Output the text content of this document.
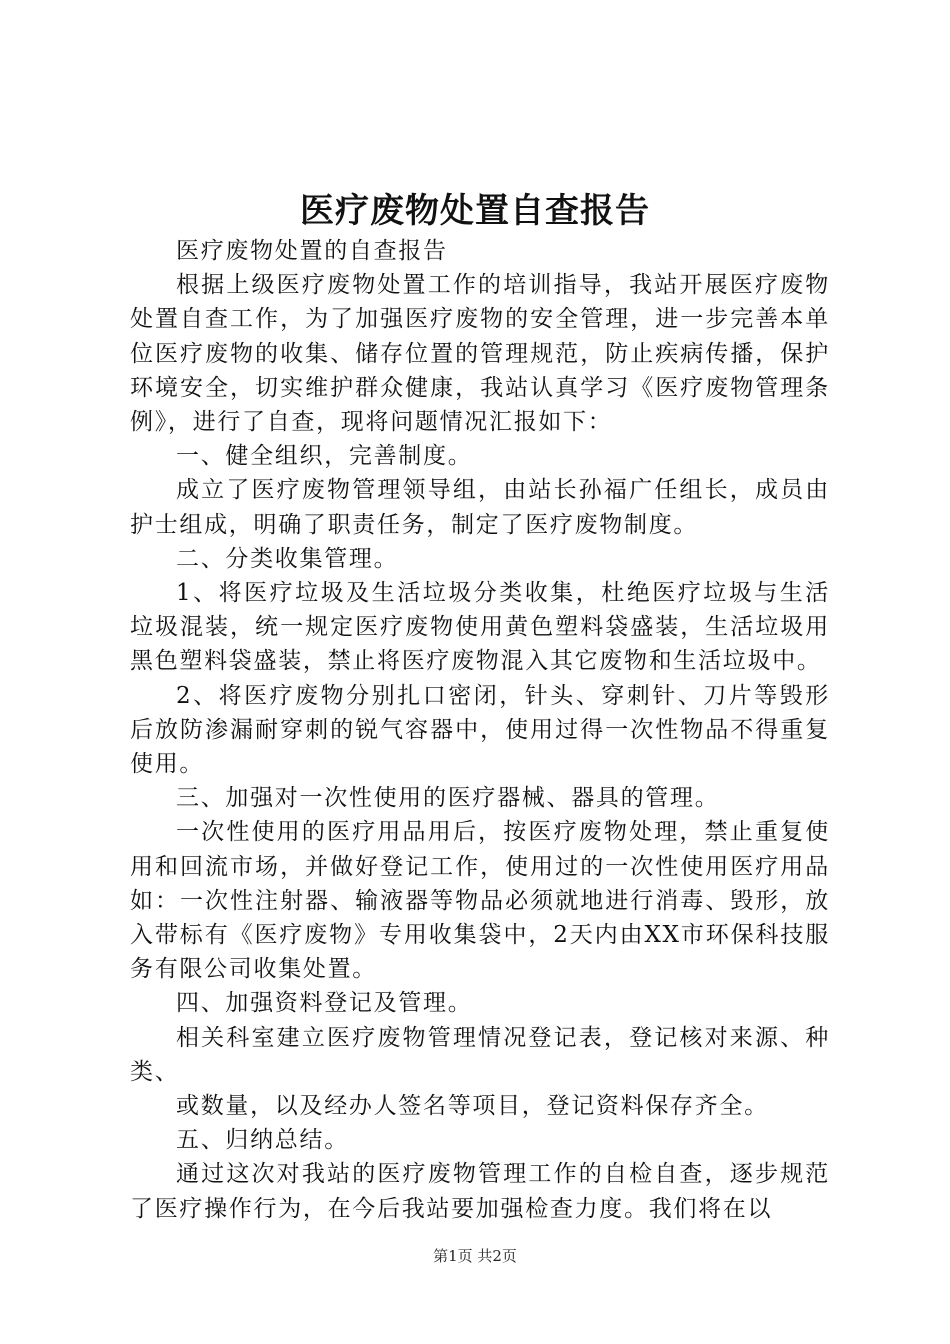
医疗废物处置自查报告

医疗废物处置的自查报告

根据上级医疗废物处置工作的培训指导，我站开展医疗废物处置自查工作，为了加强医疗废物的安全管理，进一步完善本单位医疗废物的收集、储存位置的管理规范，防止疾病传播，保护环境安全，切实维护群众健康，我站认真学习《医疗废物管理条例》，进行了自查，现将问题情况汇报如下：

一、健全组织，完善制度。

成立了医疗废物管理领导组，由站长孙福广任组长，成员由护士组成，明确了职责任务，制定了医疗废物制度。

二、分类收集管理。

1、将医疗垃圾及生活垃圾分类收集，杜绝医疗垃圾与生活垃圾混装，统一规定医疗废物使用黄色塑料袋盛装，生活垃圾用黑色塑料袋盛装，禁止将医疗废物混入其它废物和生活垃圾中。

2、将医疗废物分别扎口密闭，针头、穿刺针、刀片等毁形后放防渗漏耐穿刺的锐气容器中，使用过得一次性物品不得重复使用。

三、加强对一次性使用的医疗器械、器具的管理。

一次性使用的医疗用品用后，按医疗废物处理，禁止重复使用和回流市场，并做好登记工作，使用过的一次性使用医疗用品如：一次性注射器、输液器等物品必须就地进行消毒、毁形，放入带标有《医疗废物》专用收集袋中，2天内由XX市环保科技服务有限公司收集处置。

四、加强资料登记及管理。

相关科室建立医疗废物管理情况登记表，登记核对来源、种类、

或数量，以及经办人签名等项目，登记资料保存齐全。

五、归纳总结。

通过这次对我站的医疗废物管理工作的自检自查，逐步规范了医疗操作行为，在今后我站要加强检查力度。我们将在以

第1页 共2页
